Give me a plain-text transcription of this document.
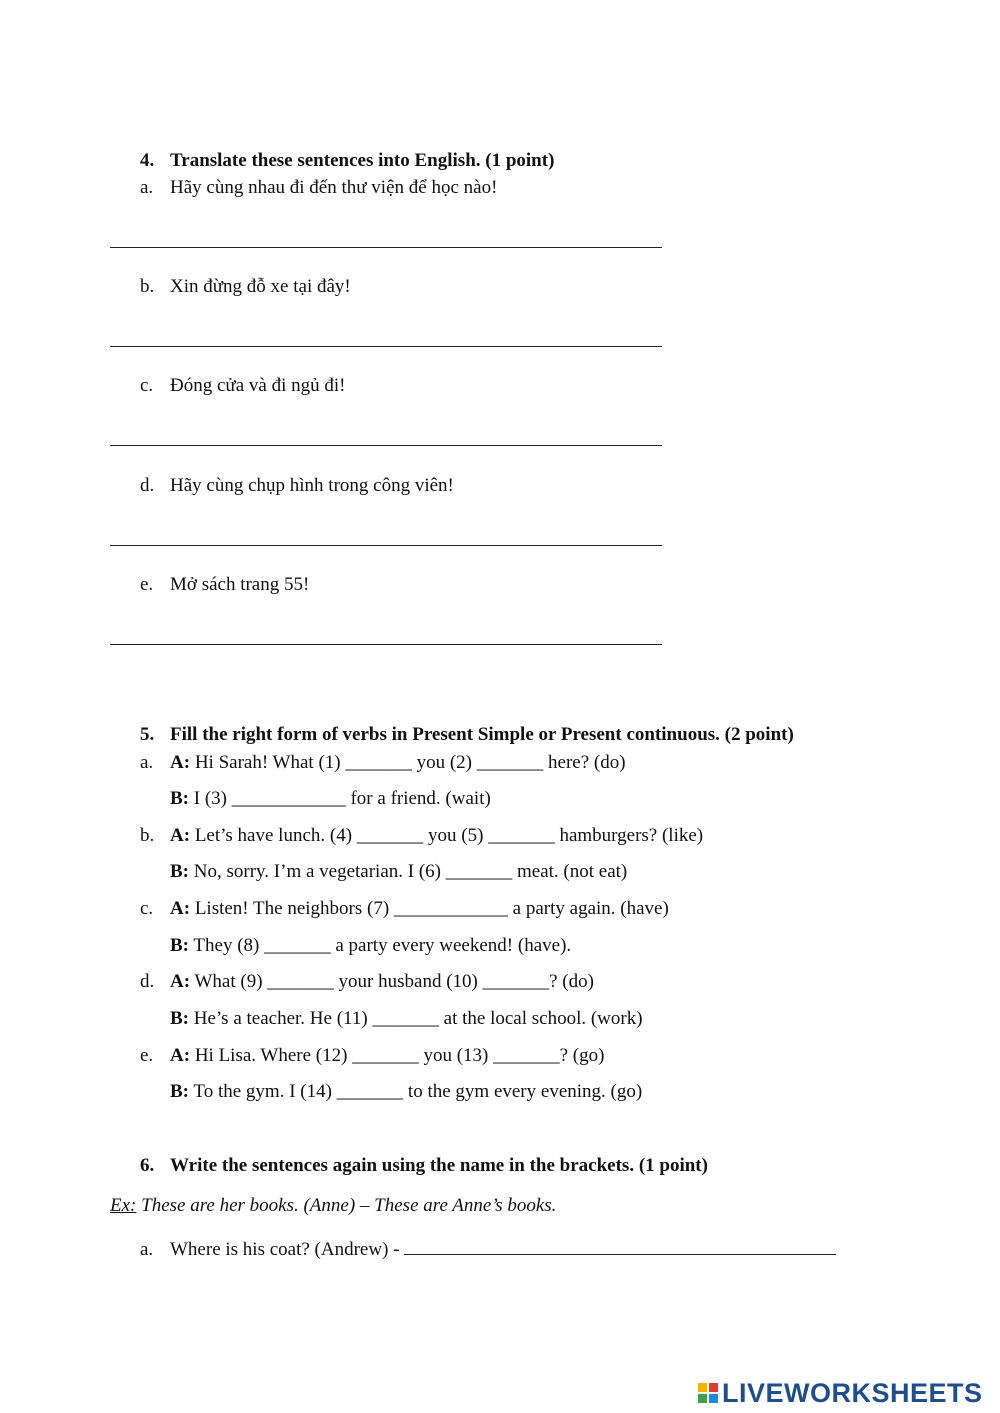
4. Translate these sentences into English. (1 point)
a. Hãy cùng nhau đi đến thư viện để học nào!
b. Xin đừng đỗ xe tại đây!
c. Đóng cửa và đi ngủ đi!
d. Hãy cùng chụp hình trong công viên!
e. Mở sách trang 55!
5. Fill the right form of verbs in Present Simple or Present continuous. (2 point)
a. A: Hi Sarah! What (1) _______ you (2) _______ here? (do)
B: I (3) ____________ for a friend. (wait)
b. A: Let’s have lunch. (4) _______ you (5) _______ hamburgers? (like)
B: No, sorry. I’m a vegetarian. I (6) _______ meat. (not eat)
c. A: Listen! The neighbors (7) ____________ a party again. (have)
B: They (8) _______ a party every weekend! (have).
d. A: What (9) _______ your husband (10) _______? (do)
B: He’s a teacher. He (11) _______ at the local school. (work)
e. A: Hi Lisa. Where (12) _______ you (13) _______? (go)
B: To the gym. I (14) _______ to the gym every evening. (go)
6. Write the sentences again using the name in the brackets. (1 point)
Ex: These are her books. (Anne) – These are Anne’s books.
a. Where is his coat? (Andrew) -
LIVEWORKSHEETS
